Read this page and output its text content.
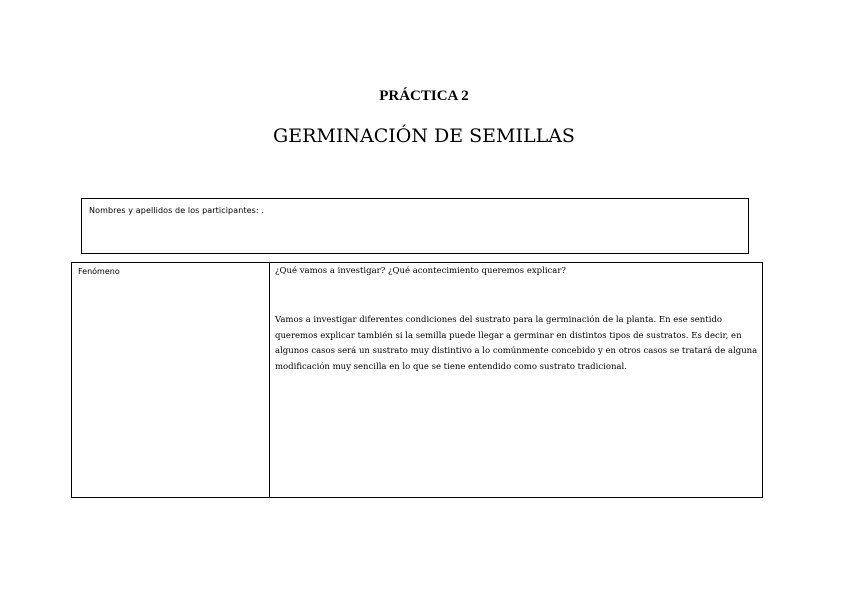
PRÁCTICA 2
GERMINACIÓN DE SEMILLAS
Nombres y apellidos de los participantes: .
Fenómeno	¿Qué vamos a investigar? ¿Qué acontecimiento queremos explicar?

Vamos a investigar diferentes condiciones del sustrato para la germinación de la planta. En ese sentido queremos explicar también si la semilla puede llegar a germinar en distintos tipos de sustratos. Es decir, en algunos casos será un sustrato muy distintivo a lo comúnmente concebido y en otros casos se tratará de alguna modificación muy sencilla en lo que se tiene entendido como sustrato tradicional.
